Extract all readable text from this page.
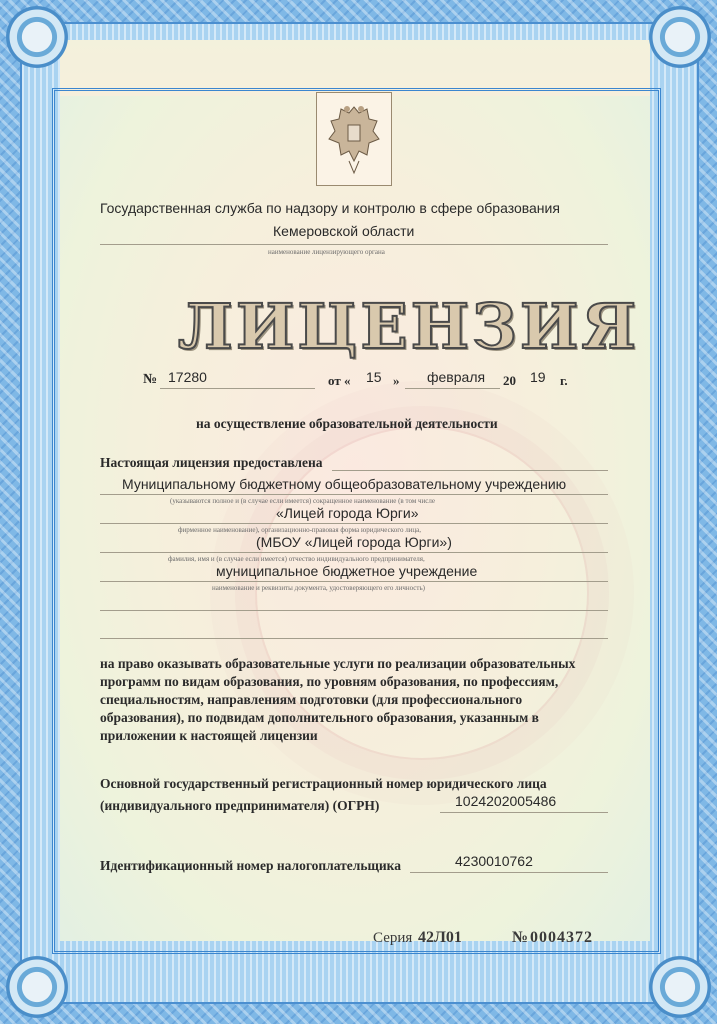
Государственная служба по надзору и контролю в сфере образования
Кемеровской области
наименование лицензирующего органа
ЛИЦЕНЗИЯ
№ 17280	от « 15 » февраля 20 19 г.
на осуществление образовательной деятельности
Настоящая лицензия предоставлена
Муниципальному бюджетному общеобразовательному учреждению
(указываются полное и (в случае если имеется) сокращенное наименование (в том числе
«Лицей города Юрги»
фирменное наименование), организационно-правовая форма юридического лица,
(МБОУ «Лицей города Юрги»)
фамилия, имя и (в случае если имеется) отчество индивидуального предпринимателя,
муниципальное бюджетное учреждение
наименование и реквизиты документа, удостоверяющего его личность)
на право оказывать образовательные услуги по реализации образовательных
программ по видам образования, по уровням образования, по профессиям,
специальностям, направлениям подготовки (для профессионального
образования), по подвидам дополнительного образования, указанным в
приложении к настоящей лицензии
Основной государственный регистрационный номер юридического лица
(индивидуального предпринимателя) (ОГРН)	1024202005486
Идентификационный номер налогоплательщика	4230010762
Серия 42Л01	№ 0004372
